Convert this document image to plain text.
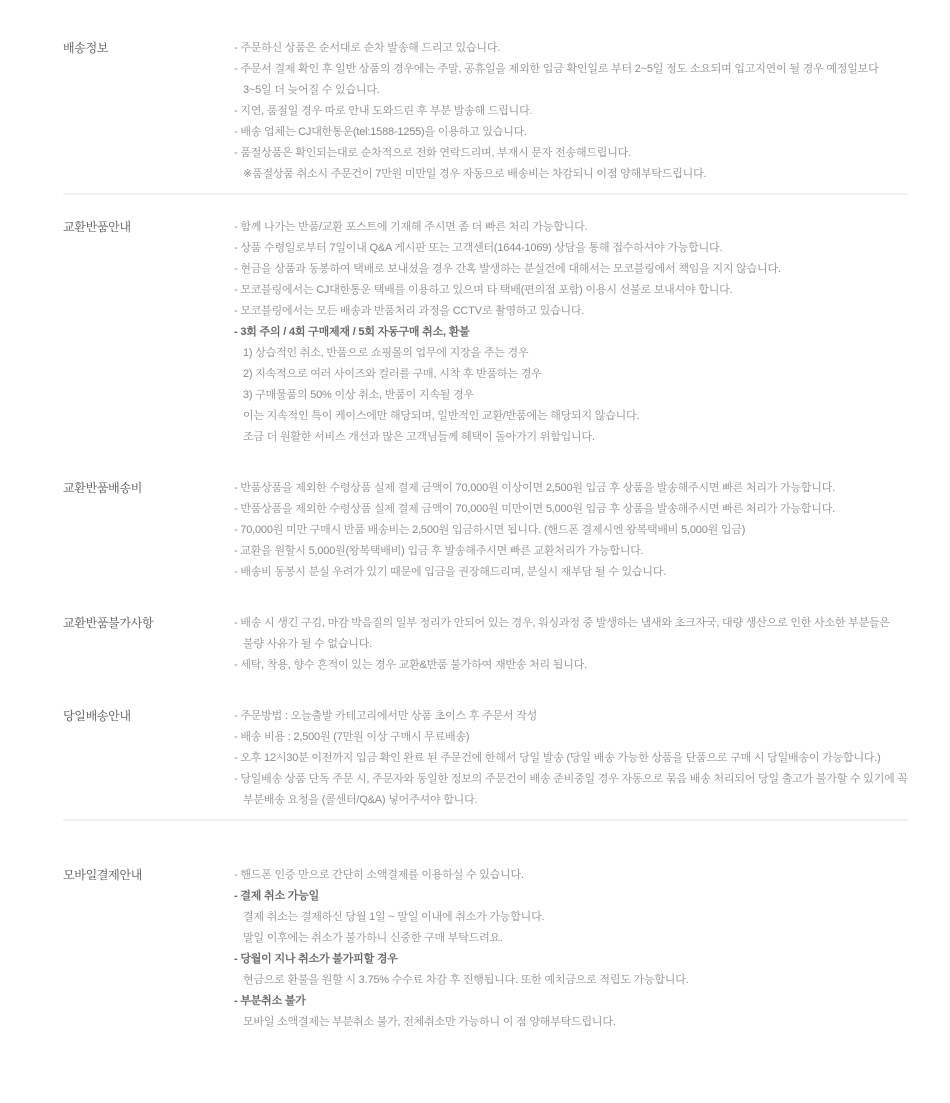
배송정보	- 주문하신 상품은 순서대로 순차 발송해 드리고 있습니다.

- 주문서 결제 확인 후 일반 상품의 경우에는 주말, 공휴일을 제외한 입금 확인일로 부터 2~5일 정도 소요되며 입고지연이 될 경우 예정일보다 3~5일 더 늦어질 수 있습니다.

- 지연, 품절일 경우 따로 안내 도와드린 후 부분 발송해 드립니다.

- 배송 업체는 CJ대한통운(tel:1588-1255)을 이용하고 있습니다.

- 품절상품은 확인되는대로 순차적으로 전화 연락드리며, 부재시 문자 전송해드립니다.

※품절상품 취소시 주문건이 7만원 미만일 경우 자동으로 배송비는 차감되니 이점 양해부탁드립니다.

교환반품안내	- 함께 나가는 반품/교환 포스트에 기재해 주시면 좀 더 빠른 처리 가능합니다.

- 상품 수령일로부터 7일이내 Q&A 게시판 또는 고객센터(1644-1069) 상담을 통해 접수하셔야 가능합니다.

- 현금을 상품과 동봉하여 택배로 보내셨을 경우 간혹 발생하는 분실건에 대해서는 모코블링에서 책임을 지지 않습니다.

- 모코블링에서는 CJ대한통운 택배를 이용하고 있으며 타 택배(편의점 포함) 이용시 선불로 보내셔야 합니다.

- 모코블링에서는 모든 배송과 반품처리 과정을 CCTV로 촬영하고 있습니다.

- 3회 주의 / 4회 구매제재 / 5회 자동구매 취소, 환불

1) 상습적인 취소, 반품으로 쇼핑몰의 업무에 지장을 주는 경우

2) 지속적으로 여러 사이즈와 컬러를 구매, 시착 후 반품하는 경우

3) 구매물품의 50% 이상 취소, 반품이 지속될 경우

이는 지속적인 특이 케이스에만 해당되며, 일반적인 교환/반품에는 해당되지 않습니다.

조금 더 원활한 서비스 개선과 많은 고객님들께 혜택이 돌아가기 위함입니다.

교환반품배송비	- 반품상품을 제외한 수령상품 실제 결제 금액이 70,000원 이상이면 2,500원 입금 후 상품을 발송해주시면 빠른 처리가 가능합니다.

- 반품상품을 제외한 수령상품 실제 결제 금액이 70,000원 미만이면 5,000원 입금 후 상품을 발송해주시면 빠른 처리가 가능합니다.

- 70,000원 미만 구매시 반품 배송비는 2,500원 입금하시면 됩니다. (핸드폰 결제시엔 왕복택배비 5,000원 입금)

- 교환을 원할시 5,000원(왕복택배비) 입금 후 발송해주시면 빠른 교환처리가 가능합니다.

- 배송비 동봉시 분실 우려가 있기 때문에 입금을 권장해드리며, 분실시 재부담 될 수 있습니다.

교환반품불가사항	- 배송 시 생긴 구김, 마감 박음질의 일부 정리가 안되어 있는 경우, 워싱과정 중 발생하는 냄새와 초크자국, 대량 생산으로 인한 사소한 부분들은 불량 사유가 될 수 없습니다.

- 세탁, 착용, 향수 흔적이 있는 경우 교환&반품 불가하여 재반송 처리 됩니다.

당일배송안내	- 주문방법 : 오늘출발 카테고리에서만 상품 초이스 후 주문서 작성

- 배송 비용 : 2,500원 (7만원 이상 구매시 무료배송)

- 오후 12시30분 이전까지 입금 확인 완료 된 주문건에 한해서 당일 발송 (당일 배송 가능한 상품을 단품으로 구매 시 당일배송이 가능합니다.)

- 당일배송 상품 단독 주문 시, 주문자와 동일한 정보의 주문건이 배송 준비중일 경우 자동으로 묶음 배송 처리되어 당일 출고가 불가할 수 있기에 꼭 부분배송 요청을 (콜센터/Q&A) 넣어주셔야 합니다.

모바일결제안내	- 핸드폰 인증 만으로 간단히 소액결제를 이용하실 수 있습니다.

- 결제 취소 가능일

결제 취소는 결제하신 당월 1일 ~ 말일 이내에 취소가 가능합니다.

말일 이후에는 취소가 불가하니 신중한 구매 부탁드려요.

- 당월이 지나 취소가 불가피할 경우

현금으로 환불을 원할 시 3.75% 수수료 차감 후 진행됩니다. 또한 예치금으로 적립도 가능합니다.

- 부분취소 불가

모바일 소액결제는 부분취소 불가, 전체취소만 가능하니 이 점 양해부탁드립니다.
